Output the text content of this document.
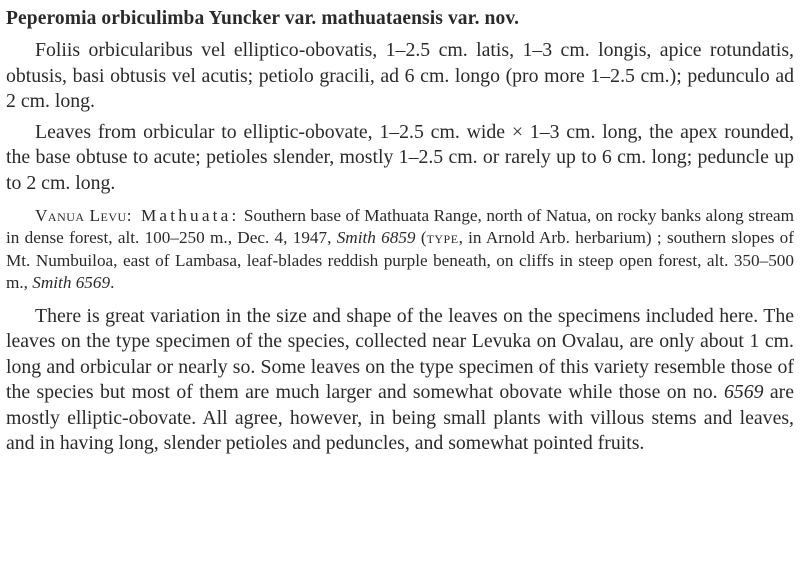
Peperomia orbiculimba Yuncker var. mathuataensis var. nov.

Foliis orbicularibus vel elliptico-obovatis, 1–2.5 cm. latis, 1–3 cm. longis, apice rotundatis, obtusis, basi obtusis vel acutis; petiolo gracili, ad 6 cm. longo (pro more 1–2.5 cm.); pedunculo ad 2 cm. long.

Leaves from orbicular to elliptic-obovate, 1–2.5 cm. wide × 1–3 cm. long, the apex rounded, the base obtuse to acute; petioles slender, mostly 1–2.5 cm. or rarely up to 6 cm. long; peduncle up to 2 cm. long.

Vanua Levu: Mathuata: Southern base of Mathuata Range, north of Natua, on rocky banks along stream in dense forest, alt. 100–250 m., Dec. 4, 1947, Smith 6859 (type, in Arnold Arb. herbarium) ; southern slopes of Mt. Numbuiloa, east of Lambasa, leaf-blades reddish purple beneath, on cliffs in steep open forest, alt. 350–500 m., Smith 6569.

There is great variation in the size and shape of the leaves on the specimens included here. The leaves on the type specimen of the species, collected near Levuka on Ovalau, are only about 1 cm. long and orbicular or nearly so. Some leaves on the type specimen of this variety resemble those of the species but most of them are much larger and somewhat obovate while those on no. 6569 are mostly elliptic-obovate. All agree, however, in being small plants with villous stems and leaves, and in having long, slender petioles and peduncles, and somewhat pointed fruits.
